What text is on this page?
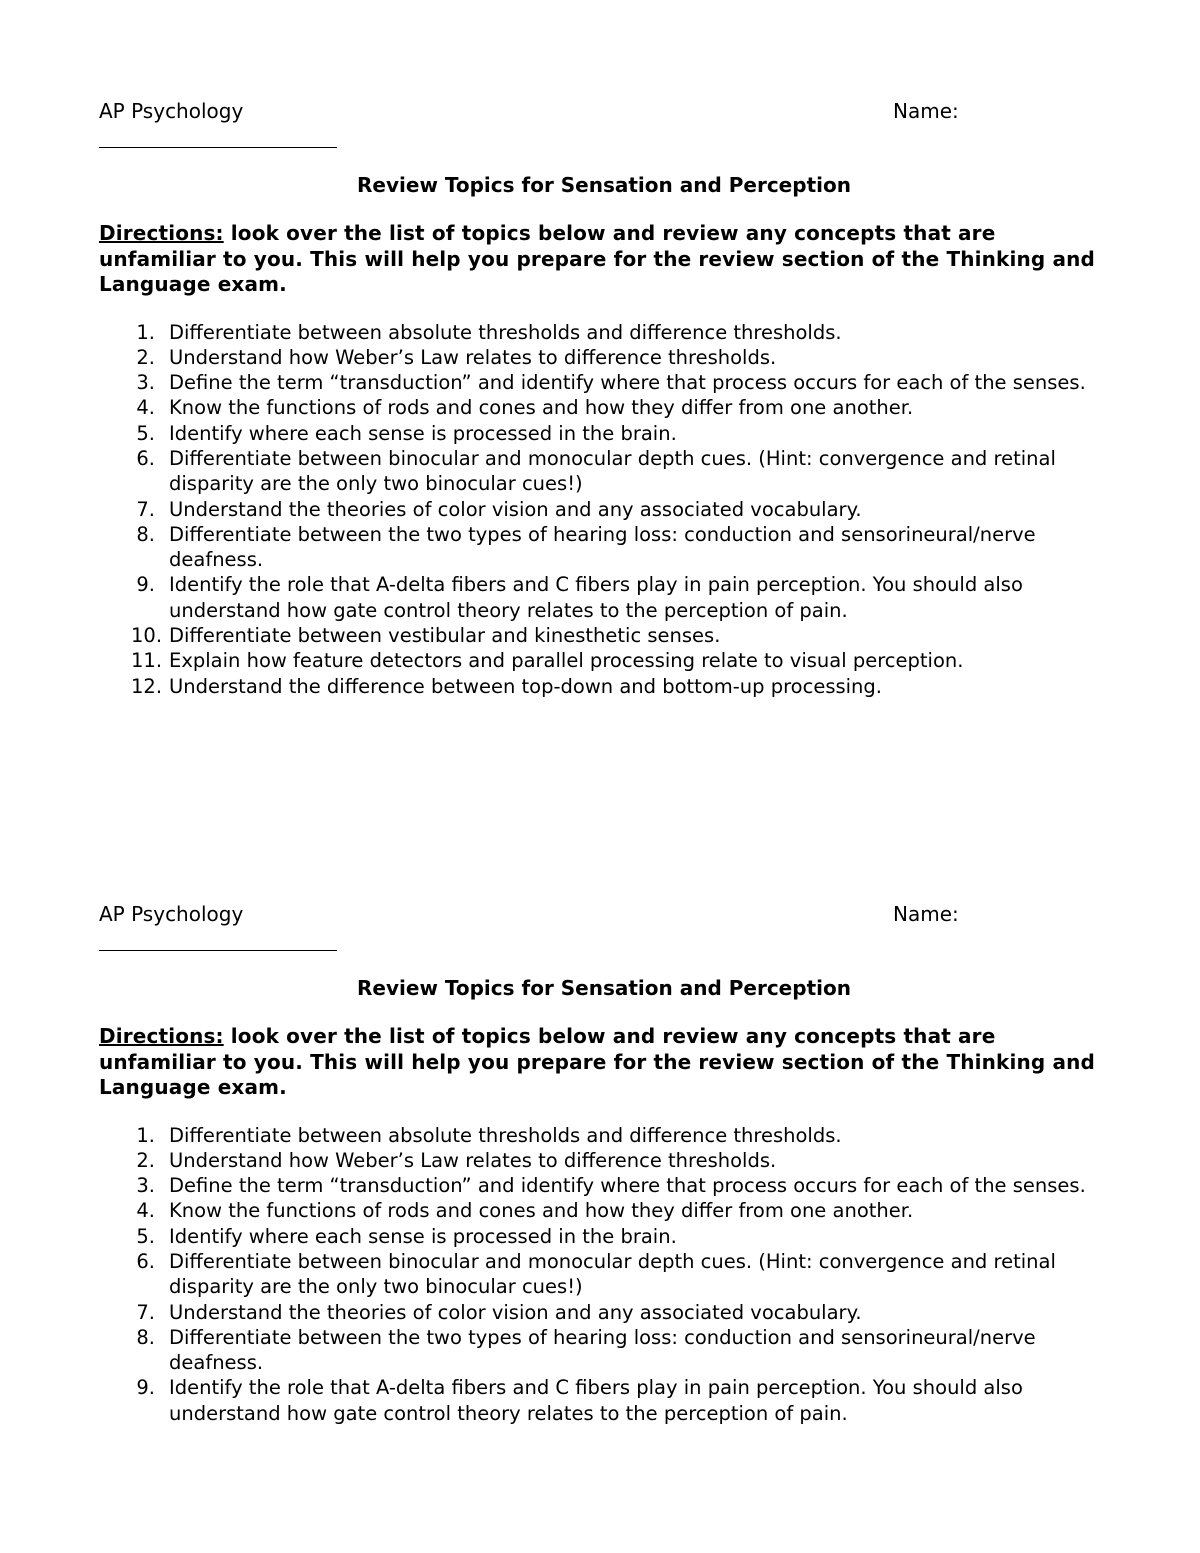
AP Psychology	Name:
Review Topics for Sensation and Perception
Directions: look over the list of topics below and review any concepts that are unfamiliar to you. This will help you prepare for the review section of the Thinking and Language exam.
1. Differentiate between absolute thresholds and difference thresholds.
2. Understand how Weber’s Law relates to difference thresholds.
3. Define the term “transduction” and identify where that process occurs for each of the senses.
4. Know the functions of rods and cones and how they differ from one another.
5. Identify where each sense is processed in the brain.
6. Differentiate between binocular and monocular depth cues. (Hint: convergence and retinal disparity are the only two binocular cues!)
7. Understand the theories of color vision and any associated vocabulary.
8. Differentiate between the two types of hearing loss: conduction and sensorineural/nerve deafness.
9. Identify the role that A-delta fibers and C fibers play in pain perception. You should also understand how gate control theory relates to the perception of pain.
10. Differentiate between vestibular and kinesthetic senses.
11. Explain how feature detectors and parallel processing relate to visual perception.
12. Understand the difference between top-down and bottom-up processing.
AP Psychology	Name:
Review Topics for Sensation and Perception
Directions: look over the list of topics below and review any concepts that are unfamiliar to you. This will help you prepare for the review section of the Thinking and Language exam.
1. Differentiate between absolute thresholds and difference thresholds.
2. Understand how Weber’s Law relates to difference thresholds.
3. Define the term “transduction” and identify where that process occurs for each of the senses.
4. Know the functions of rods and cones and how they differ from one another.
5. Identify where each sense is processed in the brain.
6. Differentiate between binocular and monocular depth cues. (Hint: convergence and retinal disparity are the only two binocular cues!)
7. Understand the theories of color vision and any associated vocabulary.
8. Differentiate between the two types of hearing loss: conduction and sensorineural/nerve deafness.
9. Identify the role that A-delta fibers and C fibers play in pain perception. You should also understand how gate control theory relates to the perception of pain.
